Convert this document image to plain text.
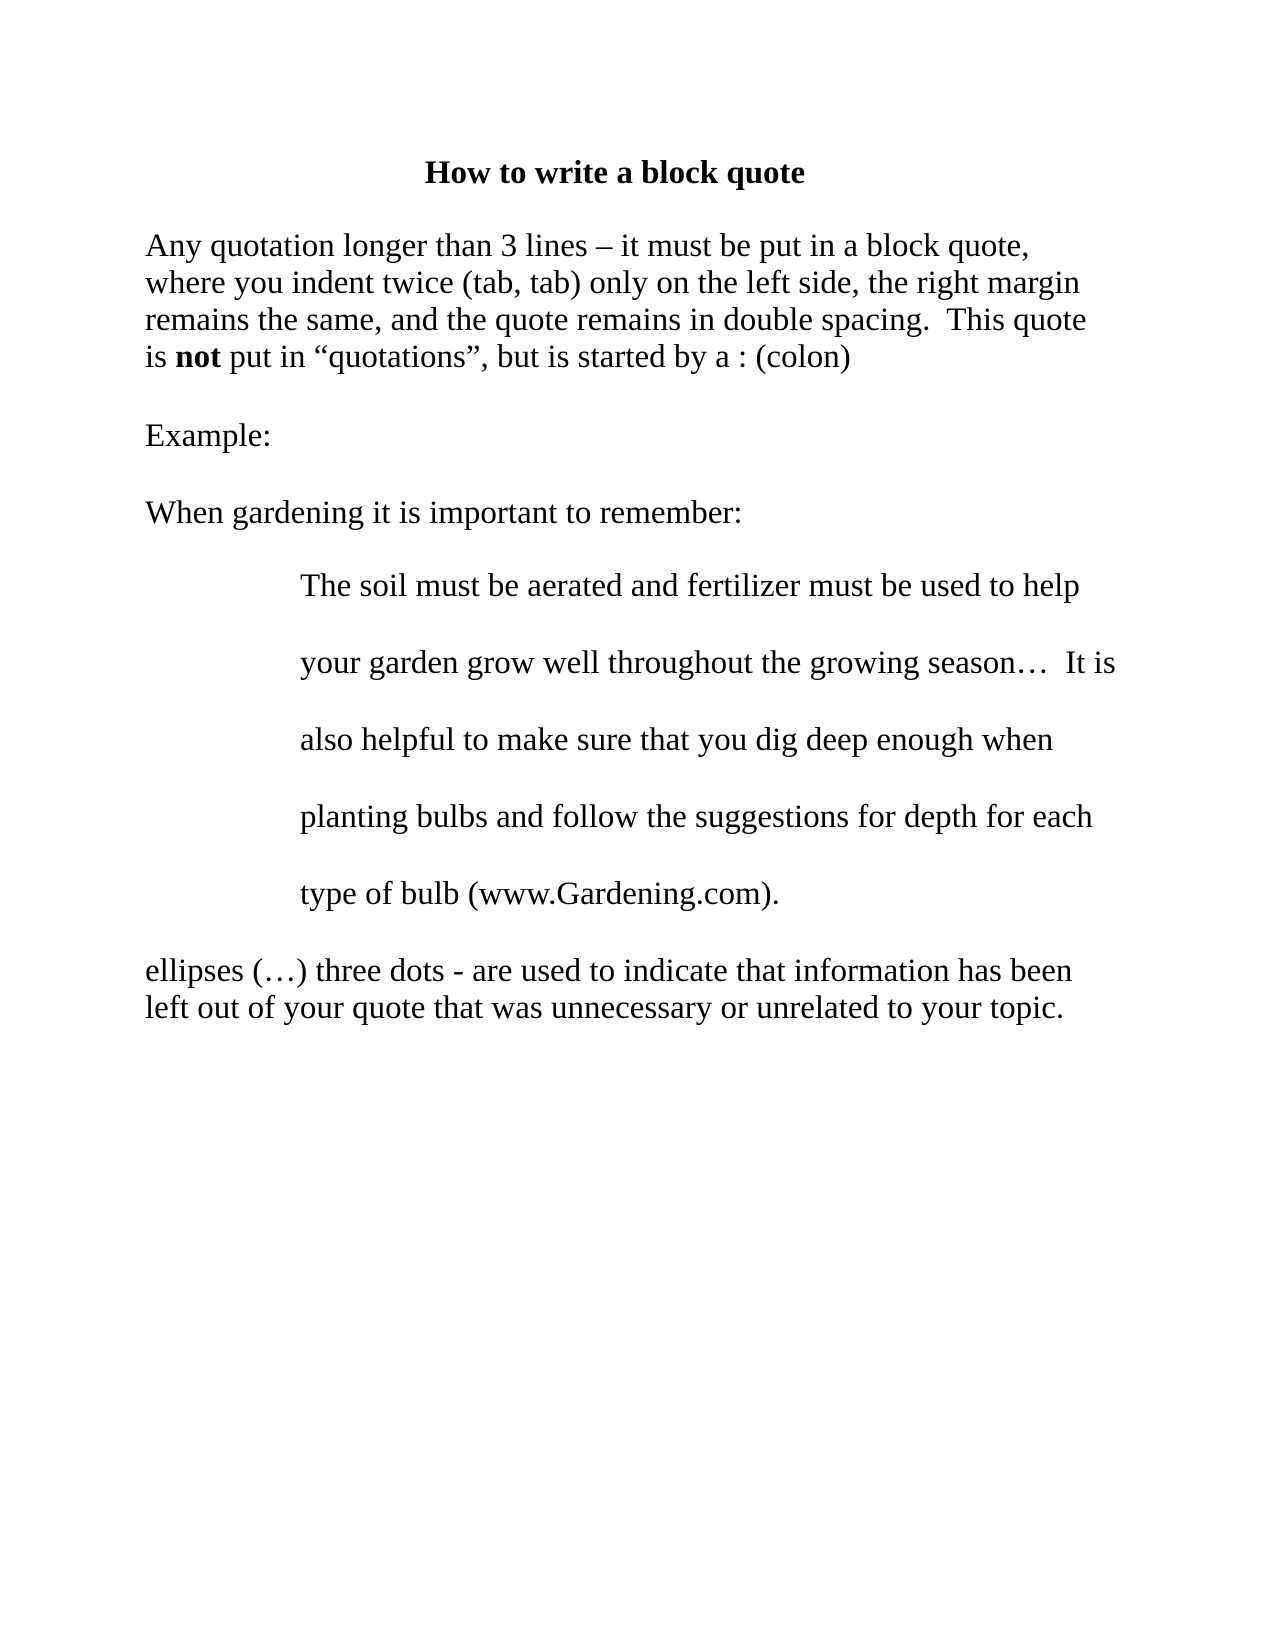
How to write a block quote

Any quotation longer than 3 lines – it must be put in a block quote,
where you indent twice (tab, tab) only on the left side, the right margin
remains the same, and the quote remains in double spacing.  This quote
is not put in “quotations”, but is started by a : (colon)

Example:

When gardening it is important to remember:

The soil must be aerated and fertilizer must be used to help
your garden grow well throughout the growing season…  It is
also helpful to make sure that you dig deep enough when
planting bulbs and follow the suggestions for depth for each
type of bulb (www.Gardening.com).

ellipses (…) three dots - are used to indicate that information has been
left out of your quote that was unnecessary or unrelated to your topic.
